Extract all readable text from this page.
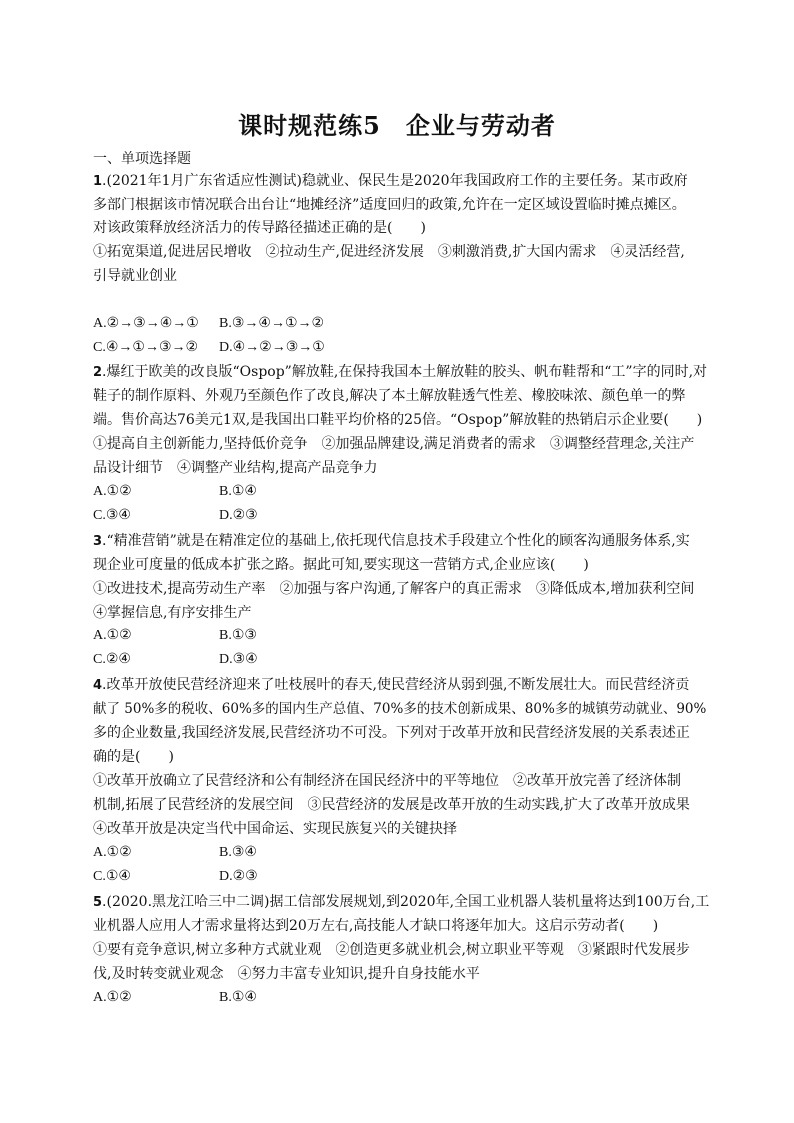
课时规范练5　企业与劳动者
一、单项选择题
1.(2021年1月广东省适应性测试)稳就业、保民生是2020年我国政府工作的主要任务。某市政府
多部门根据该市情况联合出台让“地摊经济”适度回归的政策,允许在一定区域设置临时摊点摊区。
对该政策释放经济活力的传导路径描述正确的是(　　)
①拓宽渠道,促进居民增收　②拉动生产,促进经济发展　③刺激消费,扩大国内需求　④灵活经营,
引导就业创业
A.②→③→④→① B.③→④→①→②
C.④→①→③→② D.④→②→③→①
2.爆红于欧美的改良版“Ospop”解放鞋,在保持我国本土解放鞋的胶头、帆布鞋帮和“工”字的同时,对
鞋子的制作原料、外观乃至颜色作了改良,解决了本土解放鞋透气性差、橡胶味浓、颜色单一的弊
端。售价高达76美元1双,是我国出口鞋平均价格的25倍。“Ospop”解放鞋的热销启示企业要(　　)
①提高自主创新能力,坚持低价竞争　②加强品牌建设,满足消费者的需求　③调整经营理念,关注产
品设计细节　④调整产业结构,提高产品竞争力
A.①②	B.①④
C.③④	D.②③
3.“精准营销”就是在精准定位的基础上,依托现代信息技术手段建立个性化的顾客沟通服务体系,实
现企业可度量的低成本扩张之路。据此可知,要实现这一营销方式,企业应该(　　)
①改进技术,提高劳动生产率　②加强与客户沟通,了解客户的真正需求　③降低成本,增加获利空间
④掌握信息,有序安排生产
A.①②	B.①③
C.②④	D.③④
4.改革开放使民营经济迎来了吐枝展叶的春天,使民营经济从弱到强,不断发展壮大。而民营经济贡
献了 50%多的税收、60%多的国内生产总值、70%多的技术创新成果、80%多的城镇劳动就业、90%
多的企业数量,我国经济发展,民营经济功不可没。下列对于改革开放和民营经济发展的关系表述正
确的是(　　)
①改革开放确立了民营经济和公有制经济在国民经济中的平等地位　②改革开放完善了经济体制
机制,拓展了民营经济的发展空间　③民营经济的发展是改革开放的生动实践,扩大了改革开放成果
④改革开放是决定当代中国命运、实现民族复兴的关键抉择
A.①②	B.③④
C.①④	D.②③
5.(2020.黑龙江哈三中二调)据工信部发展规划,到2020年,全国工业机器人装机量将达到100万台,工
业机器人应用人才需求量将达到20万左右,高技能人才缺口将逐年加大。这启示劳动者(　　)
①要有竞争意识,树立多种方式就业观　②创造更多就业机会,树立职业平等观　③紧跟时代发展步
伐,及时转变就业观念　④努力丰富专业知识,提升自身技能水平
A.①②	B.①④
